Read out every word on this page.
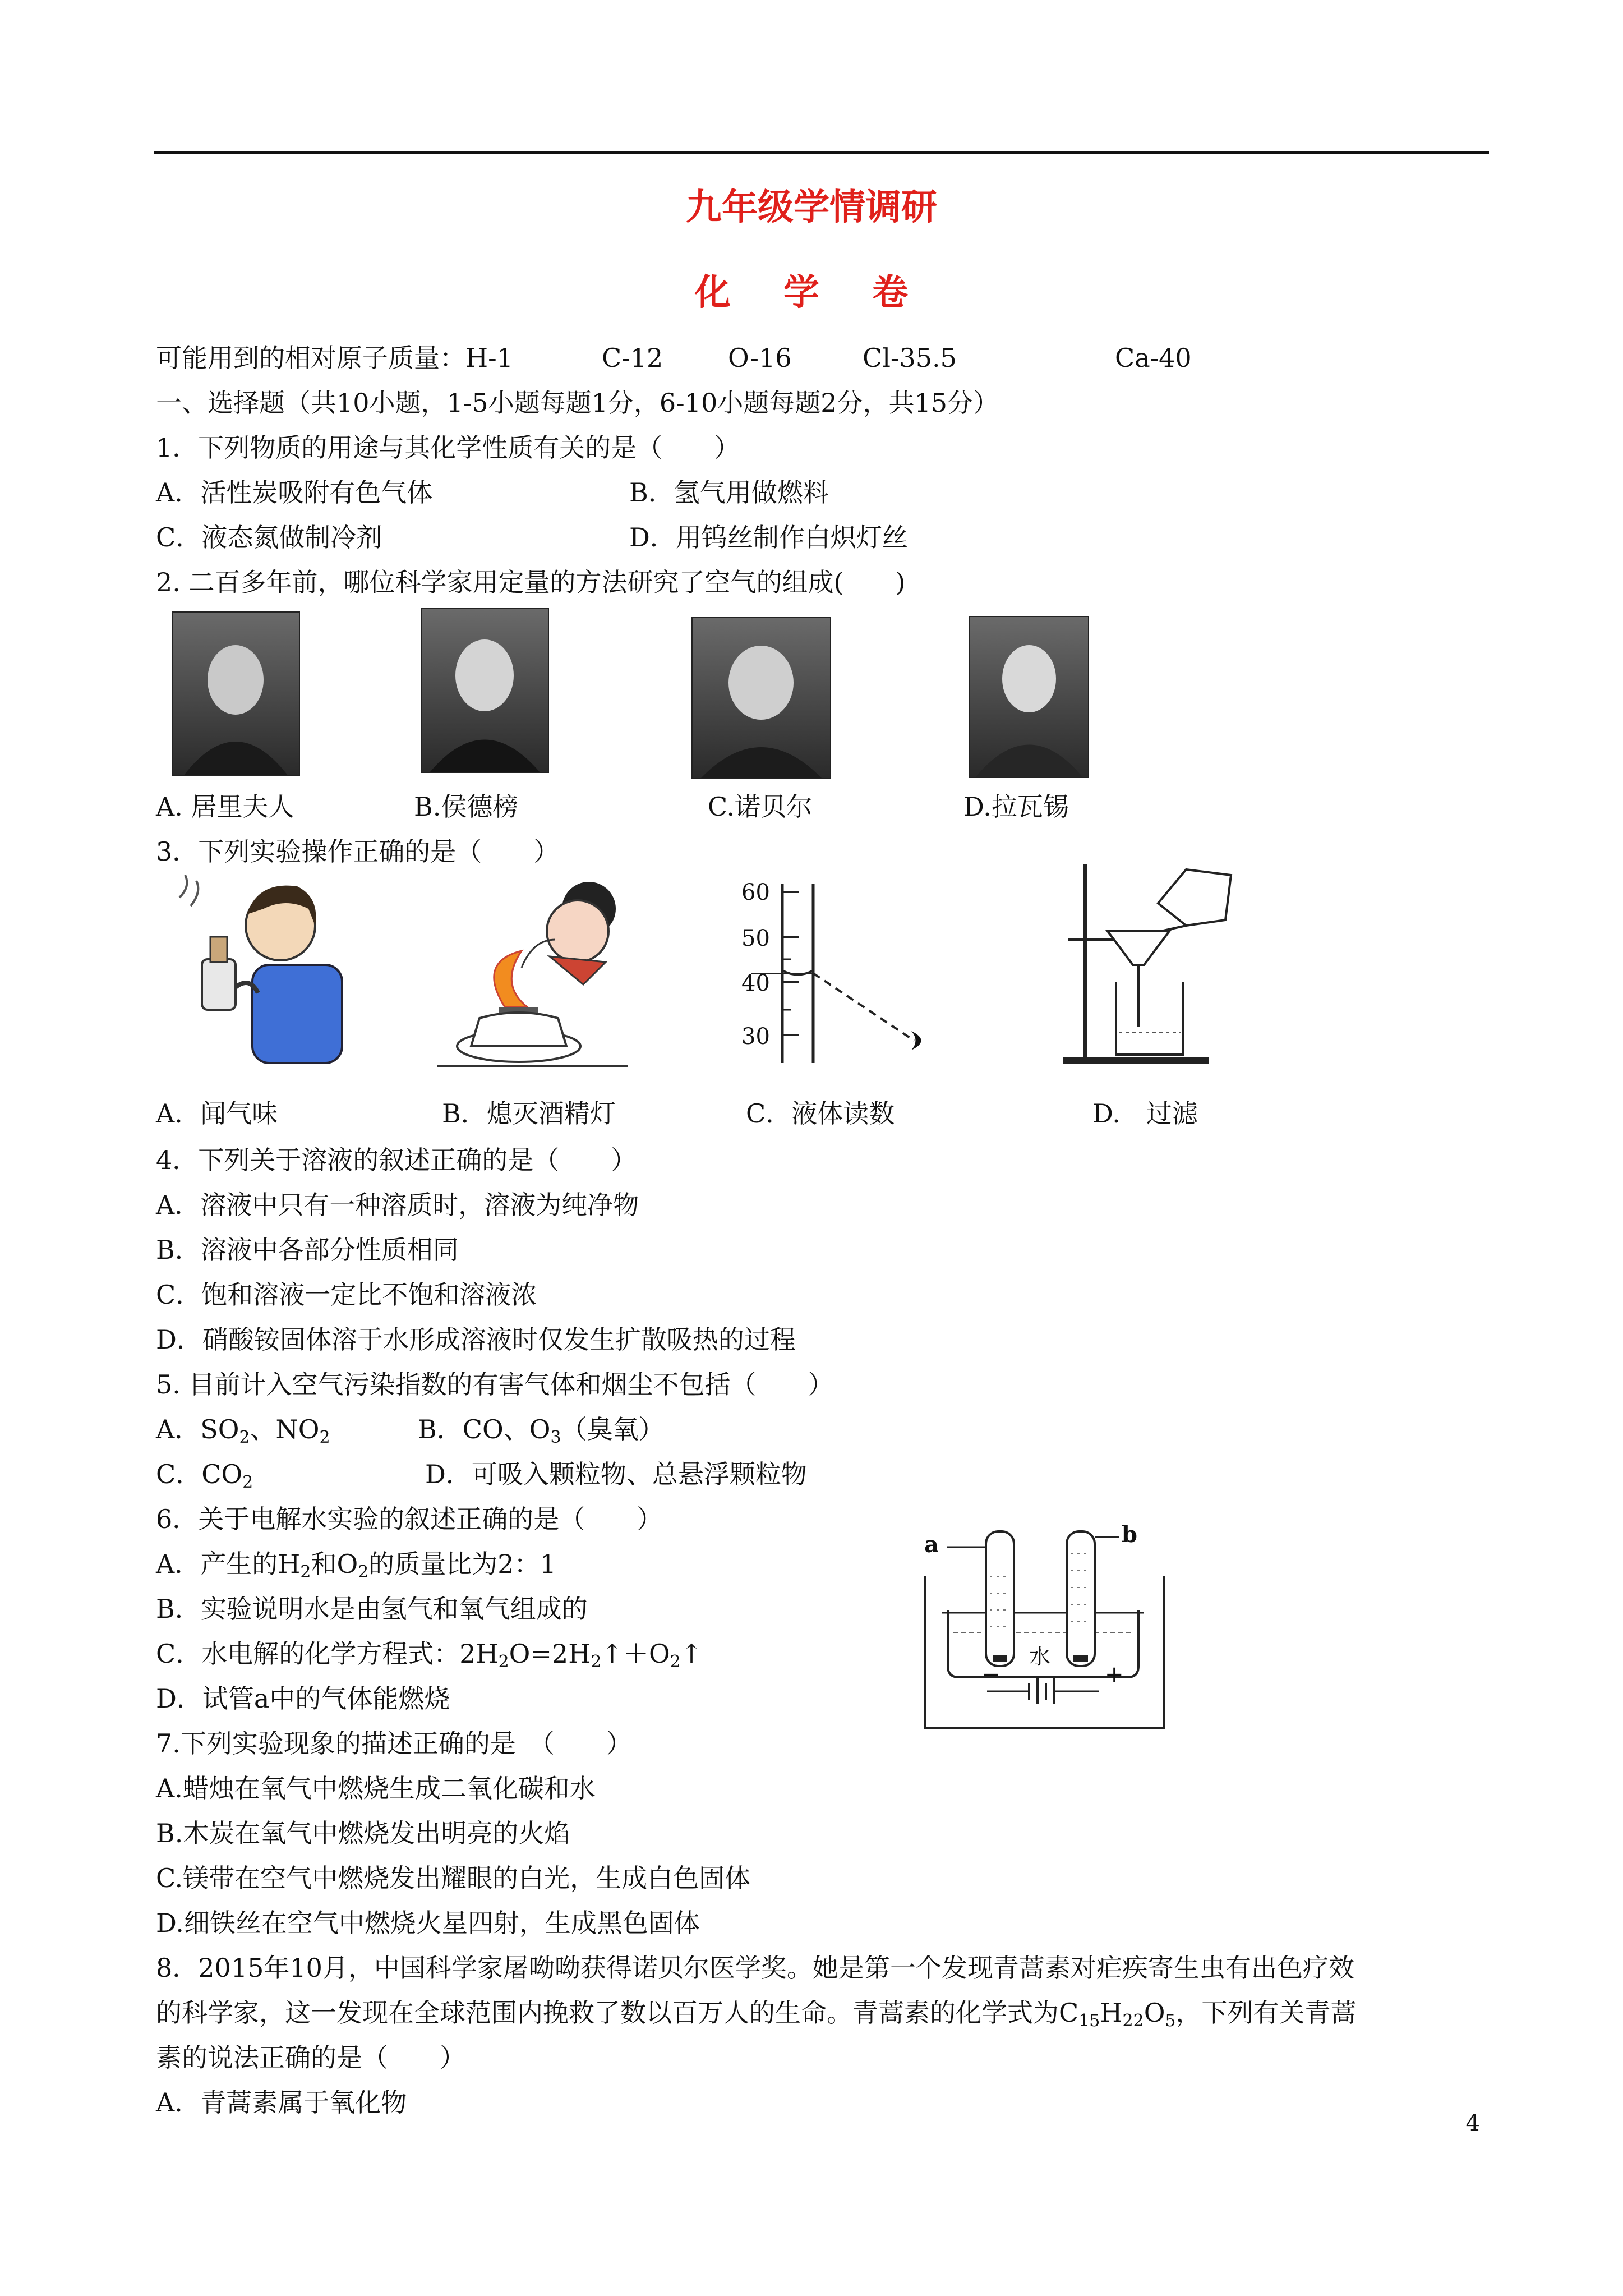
九年级学情调研
化 学 卷
可能用到的相对原子质量：H-1	C-12	O-16	Cl-35.5	Ca-40
一、选择题（共10小题，1-5小题每题1分，6-10小题每题2分，共15分）
1．下列物质的用途与其化学性质有关的是（　　）
A．活性炭吸附有色气体	B．氢气用做燃料
C．液态氮做制冷剂	D．用钨丝制作白炽灯丝
2. 二百多年前，哪位科学家用定量的方法研究了空气的组成(　　)
A. 居里夫人	B.侯德榜	C.诺贝尔	D.拉瓦锡
3．下列实验操作正确的是（　　）
60
50
40
30
A．闻气味	B．熄灭酒精灯	C．液体读数	D.　过滤
4．下列关于溶液的叙述正确的是（　　）
A．溶液中只有一种溶质时，溶液为纯净物
B．溶液中各部分性质相同
C．饱和溶液一定比不饱和溶液浓
D．硝酸铵固体溶于水形成溶液时仅发生扩散吸热的过程
5. 目前计入空气污染指数的有害气体和烟尘不包括（　　）
A．$SO_2$、$NO_2$	B．CO、$O_3$（臭氧）
C．$CO_2$	D．可吸入颗粒物、总悬浮颗粒物
6．关于电解水实验的叙述正确的是（　　）
A．产生的$H_2$和$O_2$的质量比为2：1
B．实验说明水是由氢气和氧气组成的
C．水电解的化学方程式：$2H_2O=2H_2↑+O_2↑$
D．试管a中的气体能燃烧
a	b
水
−	+
7.下列实验现象的描述正确的是　（　　）
A.蜡烛在氧气中燃烧生成二氧化碳和水
B.木炭在氧气中燃烧发出明亮的火焰
C.镁带在空气中燃烧发出耀眼的白光，生成白色固体
D.细铁丝在空气中燃烧火星四射，生成黑色固体
8．2015年10月，中国科学家屠呦呦获得诺贝尔医学奖。她是第一个发现青蒿素对疟疾寄生虫有出色疗效
的科学家，这一发现在全球范围内挽救了数以百万人的生命。青蒿素的化学式为$C_{15}H_{22}O_5$，下列有关青蒿
素的说法正确的是（　　）
A．青蒿素属于氧化物
4
